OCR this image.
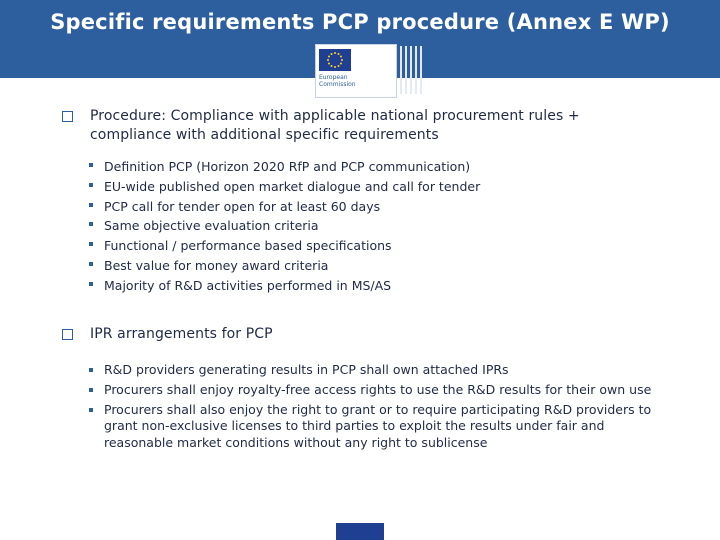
Specific requirements PCP procedure (Annex E WP)
European
Commission
Procedure: Compliance with applicable national procurement rules + compliance with additional specific requirements
Definition PCP (Horizon 2020 RfP and PCP communication)
EU-wide published open market dialogue and call for tender
PCP call for tender open for at least 60 days
Same objective evaluation criteria
Functional / performance based specifications
Best value for money award criteria
Majority of R&D activities performed in MS/AS
IPR arrangements for PCP
R&D providers generating results in PCP shall own attached IPRs
Procurers shall enjoy royalty-free access rights to use the R&D results for their own use
Procurers shall also enjoy the right to grant or to require participating R&D providers to grant non-exclusive licenses to third parties to exploit the results under fair and reasonable market conditions without any right to sublicense
